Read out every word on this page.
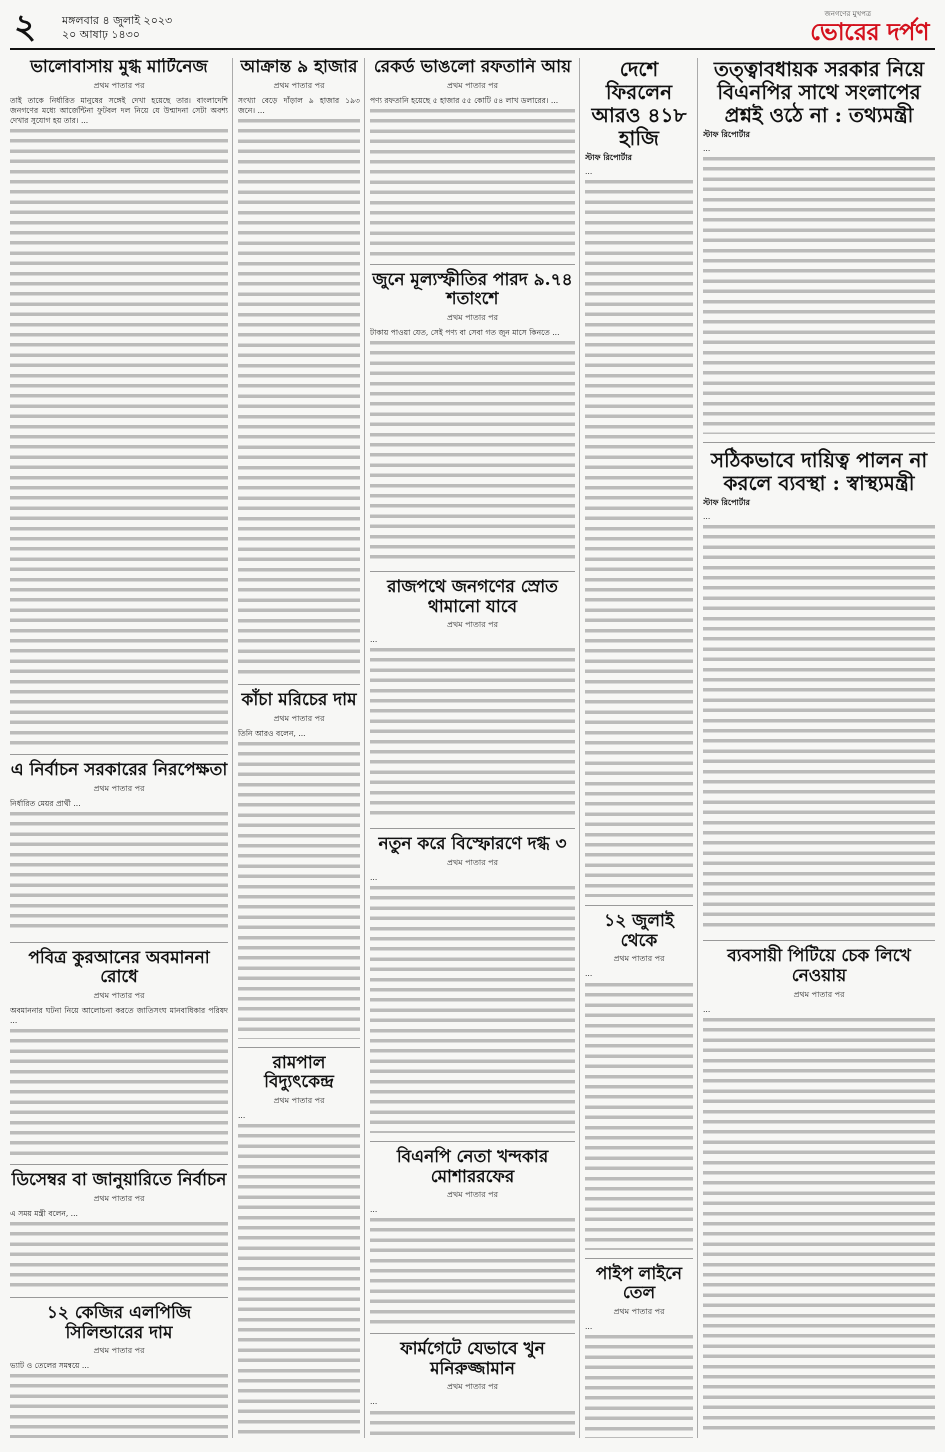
২ মঙ্গলবার ৪ জুলাই ২০২৩
২০ আষাঢ় ১৪৩০
জনগণের মুখপত্র
ভোরের দর্পণ
ভালোবাসায় মুগ্ধ মার্টিনেজ
প্রথম পাতার পর
তাই তাকে নির্ধারিত মানুষের সঙ্গেই দেখা হয়েছে তার। বাংলাদেশি জনগণের মধ্যে আর্জেন্টিনা ফুটবল দল নিয়ে যে উন্মাদনা সেটা অবশ্য দেখার সুযোগ হয় তার। ...
এ নির্বাচন সরকারের নিরপেক্ষতা
প্রথম পাতার পর
নির্ধারিত মেয়র প্রার্থী ...
পবিত্র কুরআনের অবমাননা রোধে
প্রথম পাতার পর
অবমাননার ঘটনা নিয়ে আলোচনা করতে জাতিসংঘ মানবাধিকার পরিষদ ...
ডিসেম্বর বা জানুয়ারিতে নির্বাচন
প্রথম পাতার পর
এ সময় মন্ত্রী বলেন, ...
১২ কেজির এলপিজি সিলিন্ডারের দাম
প্রথম পাতার পর
ভ্যাট ও তেলের সমন্বয়ে ...
আক্রান্ত ৯ হাজার
প্রথম পাতার পর
সংখ্যা বেড়ে দাঁড়াল ৯ হাজার ১৯৩ জনে। ...
কাঁচা মরিচের দাম
প্রথম পাতার পর
তিনি আরও বলেন, ...
রামপাল বিদ্যুৎকেন্দ্র
প্রথম পাতার পর
...
রেকর্ড ভাঙলো রফতানি আয়
প্রথম পাতার পর
পণ্য রফতানি হয়েছে ৫ হাজার ৫৫ কোটি ৫৪ লাখ ডলারের। ...
জুনে মূল্যস্ফীতির পারদ ৯.৭৪ শতাংশে
প্রথম পাতার পর
টাকায় পাওয়া যেত, সেই পণ্য বা সেবা গত জুন মাসে কিনতে ...
রাজপথে জনগণের স্রোত থামানো যাবে
প্রথম পাতার পর
...
নতুন করে বিস্ফোরণে দগ্ধ ৩
প্রথম পাতার পর
...
বিএনপি নেতা খন্দকার মোশাররফের
প্রথম পাতার পর
...
ফার্মগেটে যেভাবে খুন মনিরুজ্জামান
প্রথম পাতার পর
...
দেশে ফিরলেন আরও ৪১৮ হাজি
স্টাফ রিপোর্টার
...
১২ জুলাই থেকে
প্রথম পাতার পর
...
পাইপ লাইনে তেল
প্রথম পাতার পর
...
তত্ত্বাবধায়ক সরকার নিয়ে বিএনপির সাথে সংলাপের প্রশ্নই ওঠে না : তথ্যমন্ত্রী
স্টাফ রিপোর্টার
...
সঠিকভাবে দায়িত্ব পালন না করলে ব্যবস্থা : স্বাস্থ্যমন্ত্রী
স্টাফ রিপোর্টার
...
ব্যবসায়ী পিটিয়ে চেক লিখে নেওয়ায়
প্রথম পাতার পর
...
